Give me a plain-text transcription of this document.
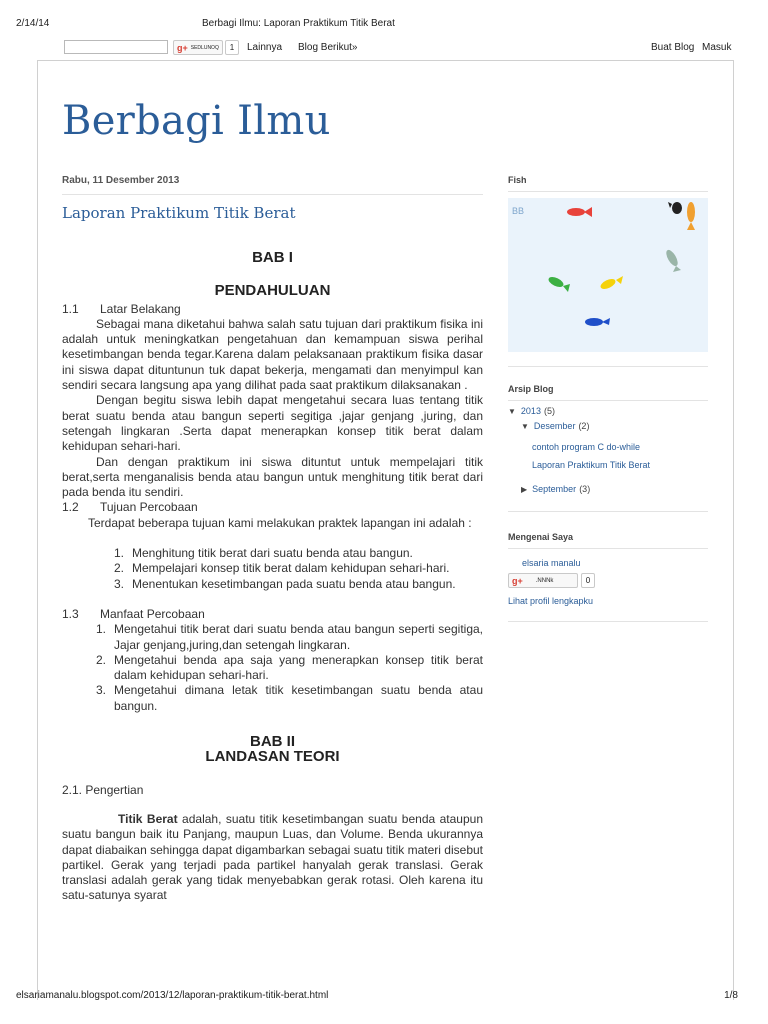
2/14/14	Berbagi Ilmu: Laporan Praktikum Titik Berat
g+ SEDLUNOQ	1	Lainnya Blog Berikut»	Buat Blog Masuk
Berbagi Ilmu
Rabu, 11 Desember 2013
Laporan Praktikum Titik Berat
BAB I
PENDAHULUAN
1.1	Latar Belakang

Sebagai mana diketahui bahwa salah satu tujuan dari praktikum fisika ini adalah untuk meningkatkan pengetahuan dan kemampuan siswa perihal kesetimbangan benda tegar.Karena dalam pelaksanaan praktikum fisika dasar ini siswa dapat dituntunun tuk dapat bekerja, mengamati dan menyimpul kan sendiri secara langsung apa yang dilihat pada saat praktikum dilaksanakan .

Dengan begitu siswa lebih dapat mengetahui secara luas tentang titik berat suatu benda atau bangun seperti segitiga ,jajar genjang ,juring, dan setengah lingkaran .Serta dapat menerapkan konsep titik berat dalam kehidupan sehari-hari.

Dan dengan praktikum ini siswa dituntut untuk mempelajari titik berat,serta menganalisis benda atau bangun untuk menghitung titik berat dari pada benda itu sendiri.

1.2	Tujuan Percobaan

Terdapat beberapa tujuan kami melakukan praktek lapangan ini adalah :

1. Menghitung titik berat dari suatu benda atau bangun.
2. Mempelajari konsep titik berat dalam kehidupan sehari-hari.
3. Menentukan kesetimbangan pada suatu benda atau bangun.
1.3	Manfaat Percobaan
1. Mengetahui titik berat dari suatu benda atau bangun seperti segitiga, Jajar genjang,juring,dan setengah lingkaran.
2. Mengetahui benda apa saja yang menerapkan konsep titik berat dalam kehidupan sehari-hari.
3. Mengetahui dimana letak titik kesetimbangan suatu benda atau bangun.
BAB II
LANDASAN TEORI
2.1. Pengertian

Titik Berat adalah, suatu titik kesetimbangan suatu benda ataupun suatu bangun baik itu Panjang, maupun Luas, dan Volume. Benda ukurannya dapat diabaikan sehingga dapat digambarkan sebagai suatu titik materi disebut partikel. Gerak yang terjadi pada partikel hanyalah gerak translasi. Gerak translasi adalah gerak yang tidak menyebabkan gerak rotasi. Oleh karena itu satu-satunya syarat

Fish
BB
Arsip Blog
▼ 2013 (5)
▼ Desember (2)
contoh program C do-while
Laporan Praktikum Titik Berat
▶ September (3)
Mengenai Saya
elsaria manalu
g+ .NNNk	0
Lihat profil lengkapku
elsariamanalu.blogspot.com/2013/12/laporan-praktikum-titik-berat.html	1/8
